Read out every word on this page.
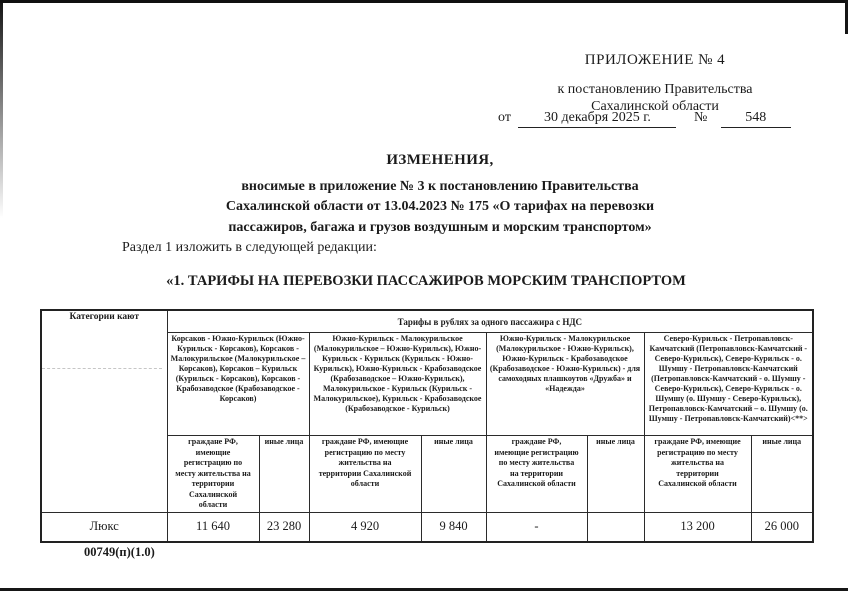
ПРИЛОЖЕНИЕ № 4
к постановлению Правительства
Сахалинской области
от 30 декабря 2025 г.	№	548
ИЗМЕНЕНИЯ,
вносимые в приложение № 3 к постановлению Правительства
Сахалинской области от 13.04.2023 № 175 «О тарифах на перевозки
пассажиров, багажа и грузов воздушным и морским транспортом»
Раздел 1 изложить в следующей редакции:
«1. ТАРИФЫ НА ПЕРЕВОЗКИ ПАССАЖИРОВ МОРСКИМ ТРАНСПОРТОМ
Категории кают	Тарифы в рублях за одного пассажира с НДС							
Корсаков - Южно-Курильск (Южно-Курильск - Корсаков), Корсаков - Малокурильское (Малокурильское – Корсаков), Корсаков – Курильск (Курильск - Корсаков), Корсаков - Крабозаводское (Крабозаводское - Корсаков)	Южно-Курильск - Малокурильское (Малокурильское – Южно-Курильск), Южно-Курильск - Курильск (Курильск - Южно-Курильск), Южно-Курильск - Крабозаводское (Крабозаводское – Южно-Курильск), Малокурильское - Курильск (Курильск - Малокурильское), Курильск - Крабозаводское (Крабозаводское - Курильск)	Южно-Курильск - Малокурильское (Малокурильское - Южно-Курильск), Южно-Курильск - Крабозаводское (Крабозаводское - Южно-Курильск) - для самоходных плашкоутов «Дружба» и «Надежда»	Северо-Курильск - Петропавловск-Камчатский (Петропавловск-Камчатский - Северо-Курильск), Северо-Курильск - о. Шумшу - Петропавловск-Камчатский (Петропавловск-Камчатский - о. Шумшу - Северо-Курильск), Северо-Курильск - о. Шумшу (о. Шумшу - Северо-Курильск), Петропавловск-Камчатский – о. Шумшу (о. Шумшу - Петропавловск-Камчатский)<**>

	граждане РФ, имеющие регистрацию по месту жительства на территории Сахалинской области	иные лица	граждане РФ, имеющие регистрацию по месту жительства на территории Сахалинской области	иные лица	граждане РФ, имеющие регистрацию по месту жительства на территории Сахалинской области	иные лица	граждане РФ, имеющие регистрацию по месту жительства на территории Сахалинской области	иные лица
Люкс	11 640	23 280	4 920	9 840	-		13 200	26 000
00749(п)(1.0)
